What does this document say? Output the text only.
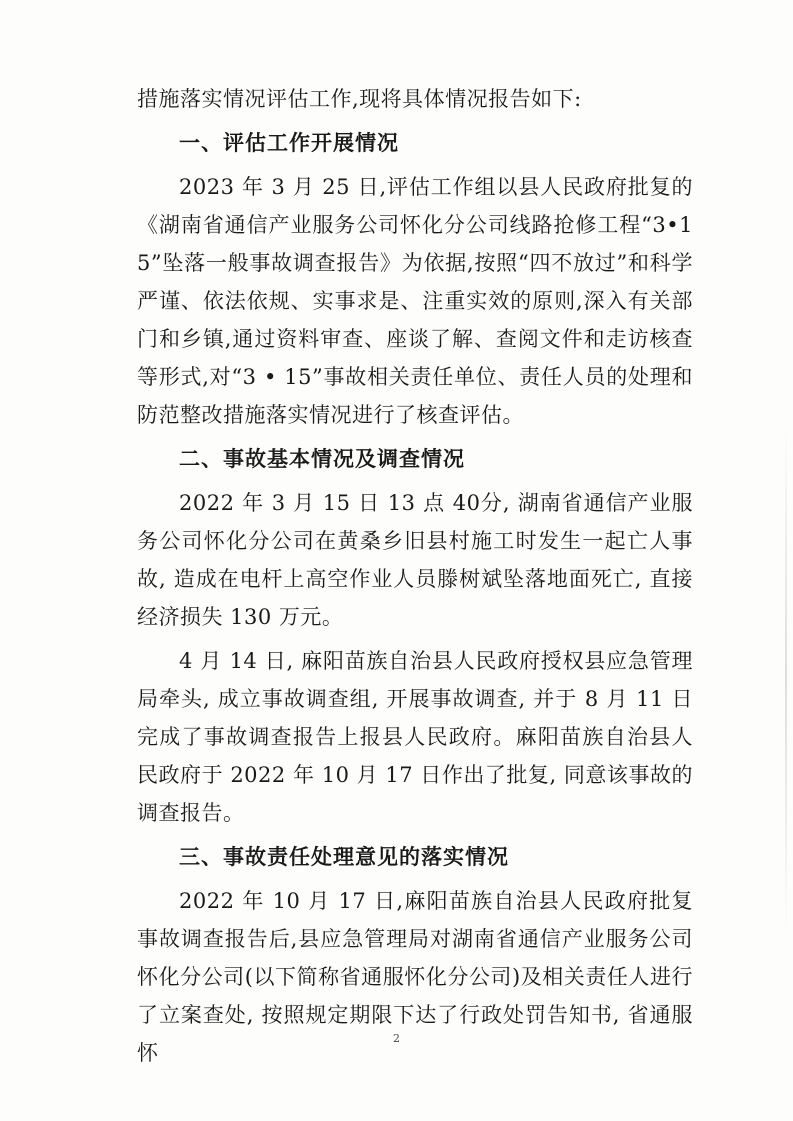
措施落实情况评估工作,现将具体情况报告如下:

一、评估工作开展情况

2023 年 3 月 25 日,评估工作组以县人民政府批复的《湖南省通信产业服务公司怀化分公司线路抢修工程“3•15”坠落一般事故调查报告》为依据,按照“四不放过”和科学严谨、依法依规、实事求是、注重实效的原则,深入有关部门和乡镇,通过资料审查、座谈了解、查阅文件和走访核查等形式,对“3 • 15”事故相关责任单位、责任人员的处理和防范整改措施落实情况进行了核查评估。

二、事故基本情况及调查情况

2022 年 3 月 15 日 13 点 40分, 湖南省通信产业服务公司怀化分公司在黄桑乡旧县村施工时发生一起亡人事故, 造成在电杆上高空作业人员滕树斌坠落地面死亡, 直接经济损失 130 万元。

4 月 14 日, 麻阳苗族自治县人民政府授权县应急管理局牵头, 成立事故调查组, 开展事故调查, 并于 8 月 11 日完成了事故调查报告上报县人民政府。麻阳苗族自治县人民政府于 2022 年 10 月 17 日作出了批复, 同意该事故的调查报告。

三、事故责任处理意见的落实情况

2022 年 10 月 17 日,麻阳苗族自治县人民政府批复事故调查报告后,县应急管理局对湖南省通信产业服务公司怀化分公司(以下简称省通服怀化分公司)及相关责任人进行了立案查处, 按照规定期限下达了行政处罚告知书, 省通服怀

2
